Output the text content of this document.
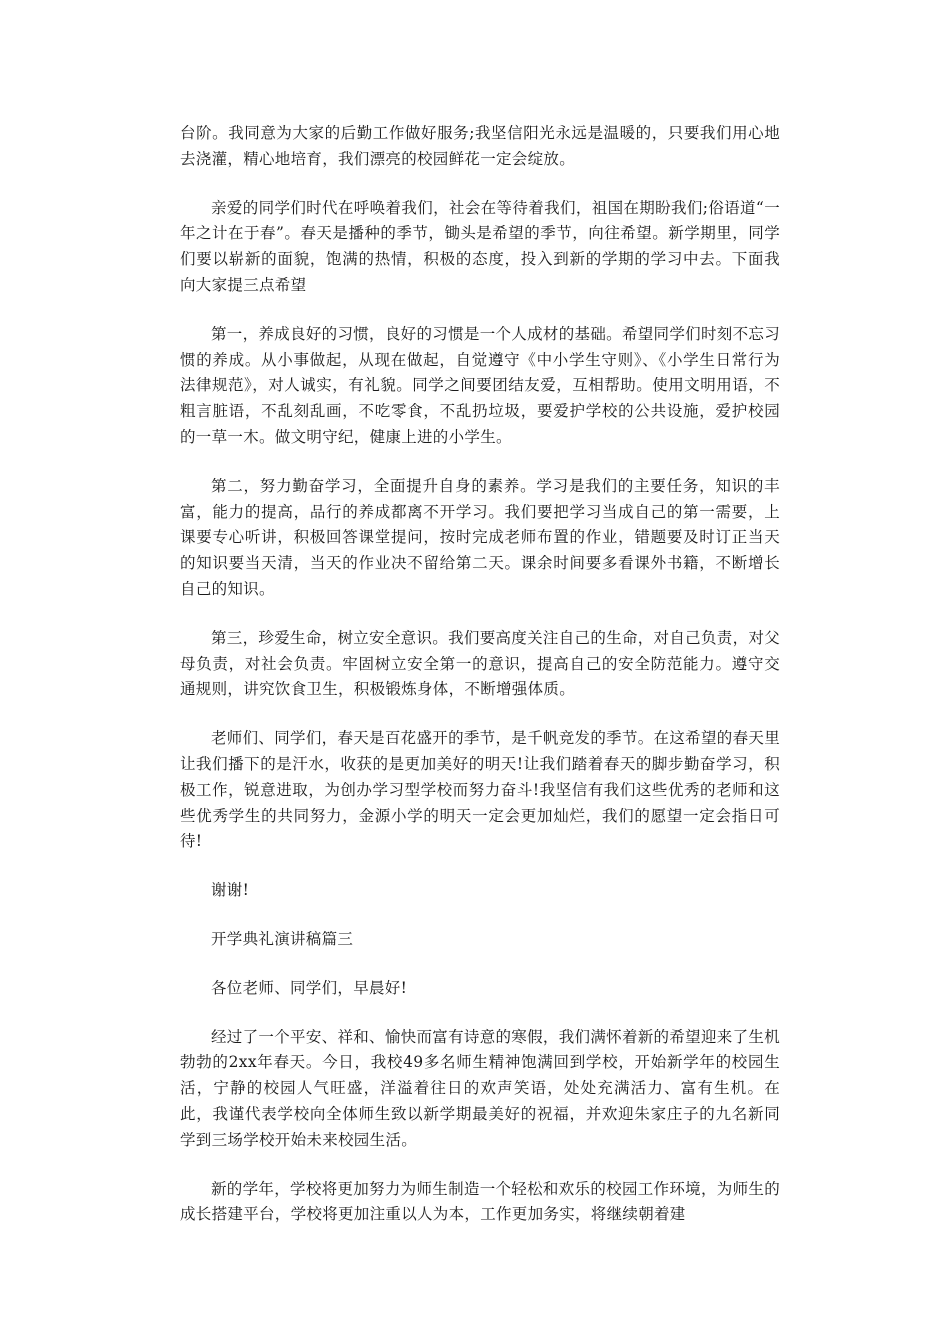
台阶。我同意为大家的后勤工作做好服务;我坚信阳光永远是温暖的，只要我们用心地去浇灌，精心地培育，我们漂亮的校园鲜花一定会绽放。

亲爱的同学们时代在呼唤着我们，社会在等待着我们，祖国在期盼我们;俗语道“一年之计在于春”。春天是播种的季节，锄头是希望的季节，向往希望。新学期里，同学们要以崭新的面貌，饱满的热情，积极的态度，投入到新的学期的学习中去。下面我向大家提三点希望

第一，养成良好的习惯，良好的习惯是一个人成材的基础。希望同学们时刻不忘习惯的养成。从小事做起，从现在做起，自觉遵守《中小学生守则》、《小学生日常行为法律规范》，对人诚实，有礼貌。同学之间要团结友爱，互相帮助。使用文明用语，不粗言脏语，不乱刻乱画，不吃零食，不乱扔垃圾，要爱护学校的公共设施，爱护校园的一草一木。做文明守纪，健康上进的小学生。

第二，努力勤奋学习，全面提升自身的素养。学习是我们的主要任务，知识的丰富，能力的提高，品行的养成都离不开学习。我们要把学习当成自己的第一需要，上课要专心听讲，积极回答课堂提问，按时完成老师布置的作业，错题要及时订正当天的知识要当天清，当天的作业决不留给第二天。课余时间要多看课外书籍，不断增长自己的知识。

第三，珍爱生命，树立安全意识。我们要高度关注自己的生命，对自己负责，对父母负责，对社会负责。牢固树立安全第一的意识，提高自己的安全防范能力。遵守交通规则，讲究饮食卫生，积极锻炼身体，不断增强体质。

老师们、同学们，春天是百花盛开的季节，是千帆竞发的季节。在这希望的春天里让我们播下的是汗水，收获的是更加美好的明天!让我们踏着春天的脚步勤奋学习，积极工作，锐意进取，为创办学习型学校而努力奋斗!我坚信有我们这些优秀的老师和这些优秀学生的共同努力，金源小学的明天一定会更加灿烂，我们的愿望一定会指日可待!

谢谢!

开学典礼演讲稿篇三

各位老师、同学们，早晨好!

经过了一个平安、祥和、愉快而富有诗意的寒假，我们满怀着新的希望迎来了生机勃勃的2xx年春天。今日，我校49多名师生精神饱满回到学校，开始新学年的校园生活，宁静的校园人气旺盛，洋溢着往日的欢声笑语，处处充满活力、富有生机。在此，我谨代表学校向全体师生致以新学期最美好的祝福，并欢迎朱家庄子的九名新同学到三场学校开始未来校园生活。

新的学年，学校将更加努力为师生制造一个轻松和欢乐的校园工作环境，为师生的成长搭建平台，学校将更加注重以人为本，工作更加务实，将继续朝着建
